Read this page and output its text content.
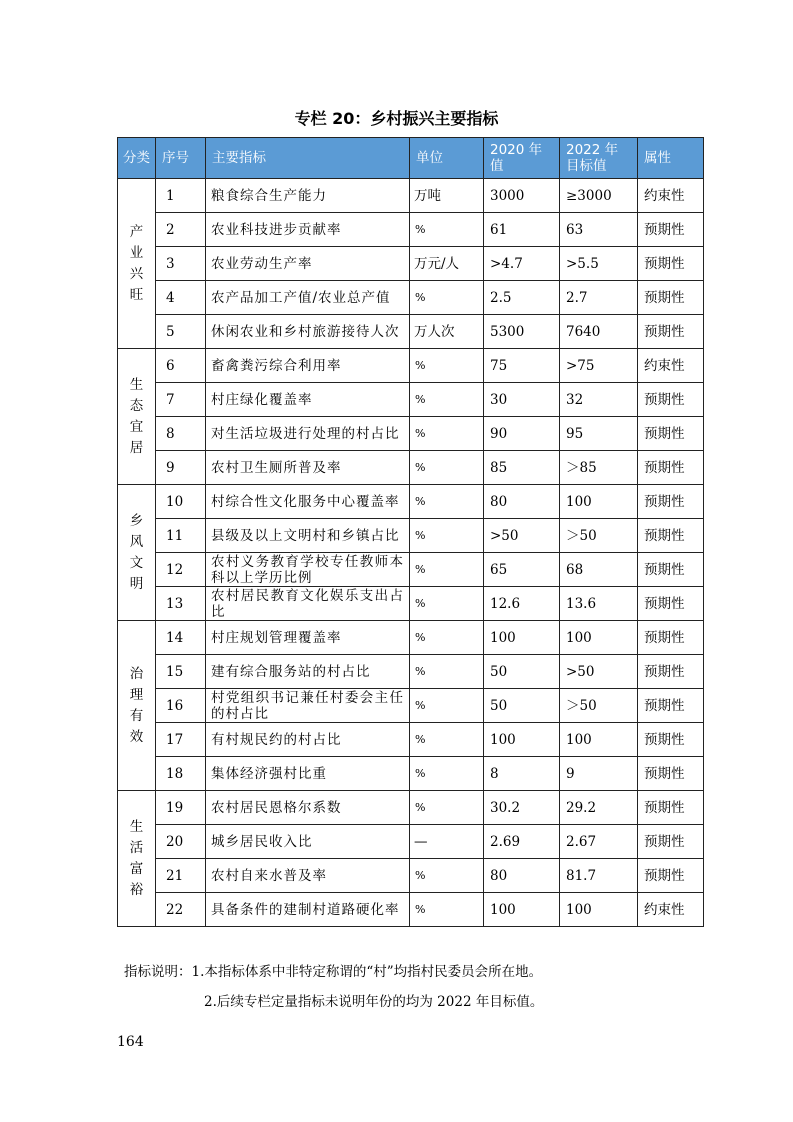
专栏 20：乡村振兴主要指标
分类	序号	主要指标	单位	2020 年值	2022 年目标值	属性
产业兴旺	1	粮食综合生产能力	万吨	3000	≥3000	约束性
	2	农业科技进步贡献率	%	61	63	预期性
	3	农业劳动生产率	万元/人	>4.7	>5.5	预期性
	4	农产品加工产值/农业总产值	%	2.5	2.7	预期性
	5	休闲农业和乡村旅游接待人次	万人次	5300	7640	预期性
生态宜居	6	畜禽粪污综合利用率	%	75	>75	约束性
	7	村庄绿化覆盖率	%	30	32	预期性
	8	对生活垃圾进行处理的村占比	%	90	95	预期性
	9	农村卫生厕所普及率	%	85	＞85	预期性
乡风文明	10	村综合性文化服务中心覆盖率	%	80	100	预期性
	11	县级及以上文明村和乡镇占比	%	>50	＞50	预期性
	12	农村义务教育学校专任教师本科以上学历比例	%	65	68	预期性
	13	农村居民教育文化娱乐支出占比	%	12.6	13.6	预期性
治理有效	14	村庄规划管理覆盖率	%	100	100	预期性
	15	建有综合服务站的村占比	%	50	>50	预期性
	16	村党组织书记兼任村委会主任的村占比	%	50	＞50	预期性
	17	有村规民约的村占比	%	100	100	预期性
	18	集体经济强村比重	%	8	9	预期性
生活富裕	19	农村居民恩格尔系数	%	30.2	29.2	预期性
	20	城乡居民收入比	—	2.69	2.67	预期性
	21	农村自来水普及率	%	80	81.7	预期性
	22	具备条件的建制村道路硬化率	%	100	100	约束性
指标说明：1.本指标体系中非特定称谓的“村”均指村民委员会所在地。
2.后续专栏定量指标未说明年份的均为 2022 年目标值。
164
